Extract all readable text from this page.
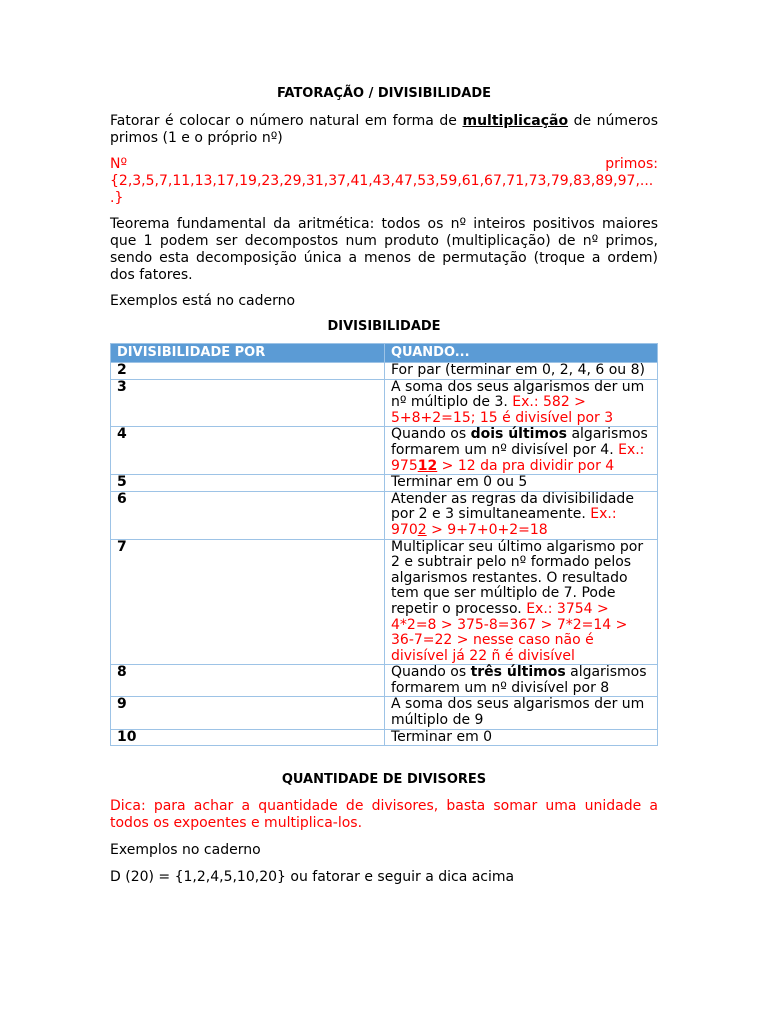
FATORAÇÃO / DIVISIBILIDADE

Fatorar é colocar o número natural em forma de multiplicação de números primos (1 e o próprio nº)

Nº	primos:
{2,3,5,7,11,13,17,19,23,29,31,37,41,43,47,53,59,61,67,71,73,79,83,89,97,...
.}

Teorema fundamental da aritmética: todos os nº inteiros positivos maiores que 1 podem ser decompostos num produto (multiplicação) de nº primos, sendo esta decomposição única a menos de permutação (troque a ordem) dos fatores.

Exemplos está no caderno

DIVISIBILIDADE
DIVISIBILIDADE POR	QUANDO...
2	For par (terminar em 0, 2, 4, 6 ou 8)
3	A soma dos seus algarismos der um nº múltiplo de 3. Ex.: 582 > 5+8+2=15; 15 é divisível por 3
4	Quando os dois últimos algarismos formarem um nº divisível por 4. Ex.: 97512 > 12 da pra dividir por 4
5	Terminar em 0 ou 5
6	Atender as regras da divisibilidade por 2 e 3 simultaneamente. Ex.: 9702 > 9+7+0+2=18
7	Multiplicar seu último algarismo por 2 e subtrair pelo nº formado pelos algarismos restantes. O resultado tem que ser múltiplo de 7. Pode repetir o processo. Ex.: 3754 > 4*2=8 > 375-8=367 > 7*2=14 > 36-7=22 > nesse caso não é divisível já 22 ñ é divisível
8	Quando os três últimos algarismos formarem um nº divisível por 8
9	A soma dos seus algarismos der um múltiplo de 9
10	Terminar em 0
QUANTIDADE DE DIVISORES

Dica: para achar a quantidade de divisores, basta somar uma unidade a todos os expoentes e multiplica-los.

Exemplos no caderno

D (20) = {1,2,4,5,10,20} ou fatorar e seguir a dica acima
